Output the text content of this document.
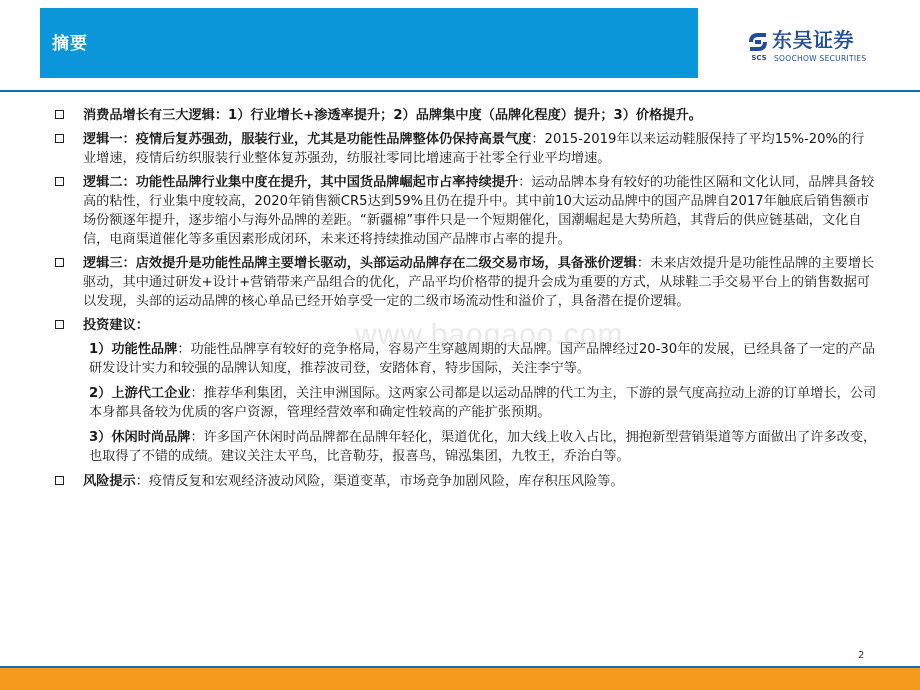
摘要	东吴证券
SCS SOOCHOW SECURITIES
www.baogaoo.com
消费品增长有三大逻辑：1）行业增长+渗透率提升；2）品牌集中度（品牌化程度）提升；3）价格提升。
逻辑一：疫情后复苏强劲，服装行业，尤其是功能性品牌整体仍保持高景气度：2015-2019年以来运动鞋服保持了平均15%-20%的行业增速，疫情后纺织服装行业整体复苏强劲，纺服社零同比增速高于社零全行业平均增速。
逻辑二：功能性品牌行业集中度在提升，其中国货品牌崛起市占率持续提升：运动品牌本身有较好的功能性区隔和文化认同，品牌具备较高的粘性，行业集中度较高，2020年销售额CR5达到59%且仍在提升中。其中前10大运动品牌中的国产品牌自2017年触底后销售额市场份额逐年提升，逐步缩小与海外品牌的差距。“新疆棉”事件只是一个短期催化，国潮崛起是大势所趋，其背后的供应链基础，文化自信，电商渠道催化等多重因素形成闭环，未来还将持续推动国产品牌市占率的提升。
逻辑三：店效提升是功能性品牌主要增长驱动，头部运动品牌存在二级交易市场，具备涨价逻辑：未来店效提升是功能性品牌的主要增长驱动，其中通过研发+设计+营销带来产品组合的优化，产品平均价格带的提升会成为重要的方式，从球鞋二手交易平台上的销售数据可以发现，头部的运动品牌的核心单品已经开始享受一定的二级市场流动性和溢价了，具备潜在提价逻辑。
投资建议：
1）功能性品牌：功能性品牌享有较好的竞争格局，容易产生穿越周期的大品牌。国产品牌经过20-30年的发展，已经具备了一定的产品研发设计实力和较强的品牌认知度，推荐波司登，安踏体育，特步国际，关注李宁等。
2）上游代工企业：推荐华利集团，关注申洲国际。这两家公司都是以运动品牌的代工为主，下游的景气度高拉动上游的订单增长，公司本身都具备较为优质的客户资源，管理经营效率和确定性较高的产能扩张预期。
3）休闲时尚品牌：许多国产休闲时尚品牌都在品牌年轻化，渠道优化，加大线上收入占比，拥抱新型营销渠道等方面做出了许多改变，也取得了不错的成绩。建议关注太平鸟，比音勒芬，报喜鸟，锦泓集团，九牧王，乔治白等。
风险提示：疫情反复和宏观经济波动风险，渠道变革，市场竞争加剧风险，库存积压风险等。
2
